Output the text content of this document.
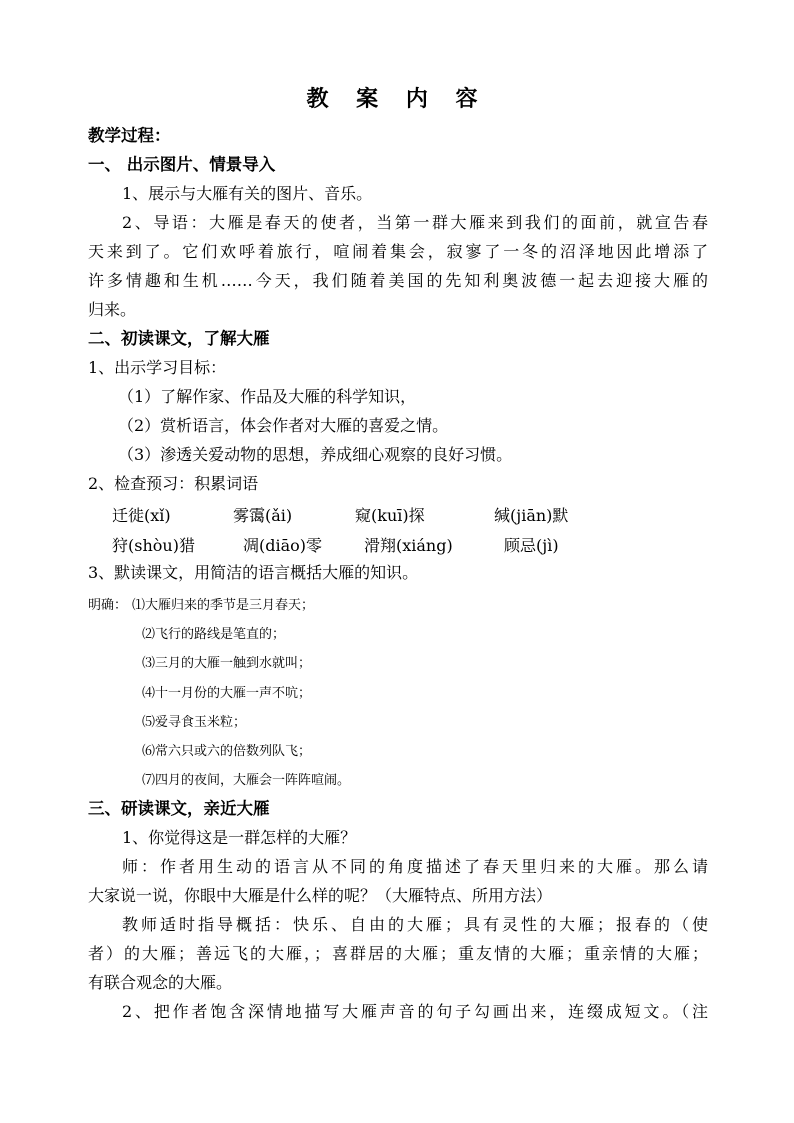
教 案 内 容
教学过程：
一、 出示图片、情景导入
1、展示与大雁有关的图片、音乐。
2、导语：大雁是春天的使者，当第一群大雁来到我们的面前，就宣告春
天来到了。它们欢呼着旅行，喧闹着集会，寂寥了一冬的沼泽地因此增添了
许多情趣和生机……今天，我们随着美国的先知利奥波德一起去迎接大雁的
归来。
二、初读课文，了解大雁
1、出示学习目标：
（1）了解作家、作品及大雁的科学知识，
（2）赏析语言，体会作者对大雁的喜爱之情。
（3）渗透关爱动物的思想，养成细心观察的良好习惯。
2、检查预习：积累词语
迁徙(xǐ)	雾霭(ǎi)	窥(kuī)探	缄(jiān)默
狩(shòu)猎	凋(diāo)零	滑翔(xiáng)	顾忌(jì)
3、默读课文，用简洁的语言概括大雁的知识。
明确： ⑴大雁归来的季节是三月春天；
⑵飞行的路线是笔直的；
⑶三月的大雁一触到水就叫；
⑷十一月份的大雁一声不吭；
⑸爱寻食玉米粒；
⑹常六只或六的倍数列队飞；
⑺四月的夜间，大雁会一阵阵喧闹。
三、研读课文，亲近大雁
1、你觉得这是一群怎样的大雁？
师：作者用生动的语言从不同的角度描述了春天里归来的大雁。那么请
大家说一说，你眼中大雁是什么样的呢？（大雁特点、所用方法）
教师适时指导概括：快乐、自由的大雁；具有灵性的大雁；报春的（使
者）的大雁；善远飞的大雁，；喜群居的大雁；重友情的大雁；重亲情的大雁；
有联合观念的大雁。
2、把作者饱含深情地描写大雁声音的句子勾画出来，连缀成短文。（注
